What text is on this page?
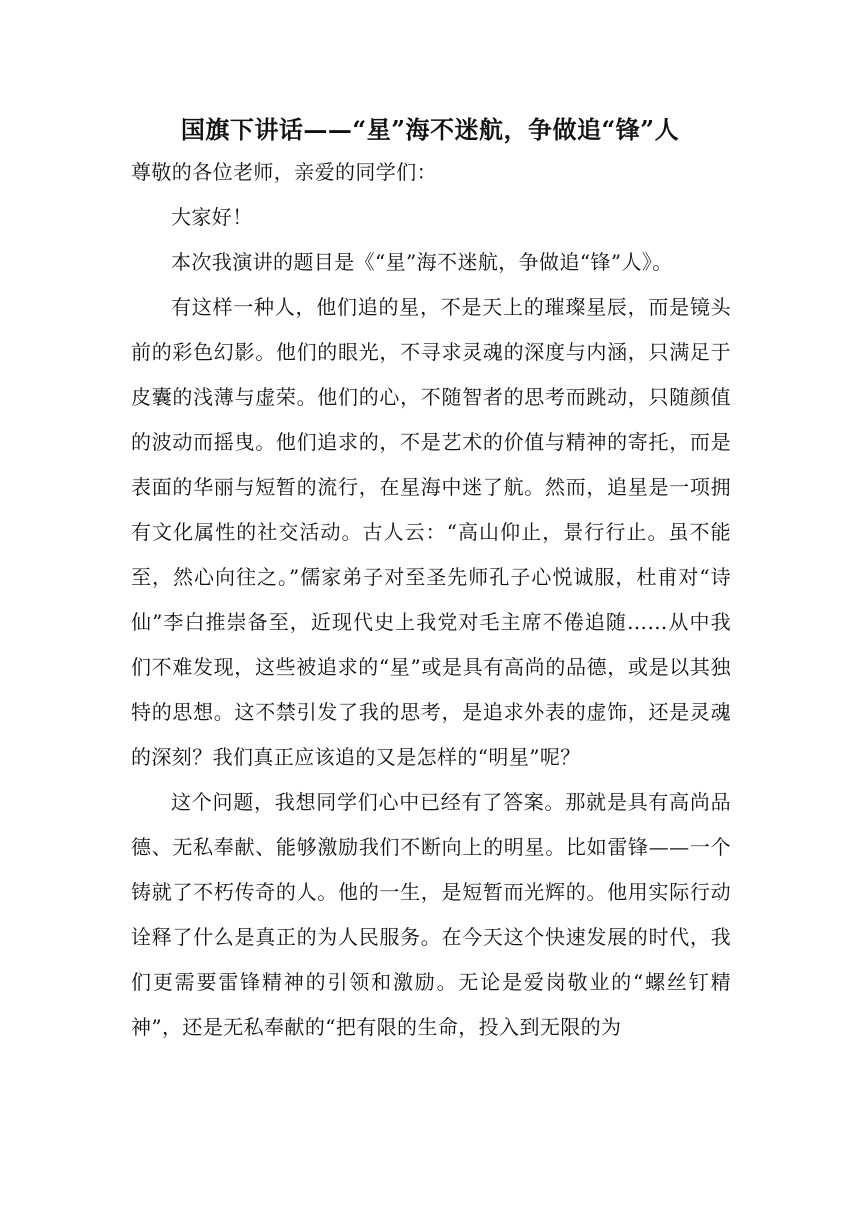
国旗下讲话——“星”海不迷航，争做追“锋”人

尊敬的各位老师，亲爱的同学们：

大家好！

本次我演讲的题目是《“星”海不迷航，争做追“锋”人》。

有这样一种人，他们追的星，不是天上的璀璨星辰，而是镜头前的彩色幻影。他们的眼光，不寻求灵魂的深度与内涵，只满足于皮囊的浅薄与虚荣。他们的心，不随智者的思考而跳动，只随颜值的波动而摇曳。他们追求的，不是艺术的价值与精神的寄托，而是表面的华丽与短暂的流行，在星海中迷了航。然而，追星是一项拥有文化属性的社交活动。古人云：“高山仰止，景行行止。虽不能至，然心向往之。”儒家弟子对至圣先师孔子心悦诚服，杜甫对“诗仙”李白推崇备至，近现代史上我党对毛主席不倦追随……从中我们不难发现，这些被追求的“星”或是具有高尚的品德，或是以其独特的思想。这不禁引发了我的思考，是追求外表的虚饰，还是灵魂的深刻？我们真正应该追的又是怎样的“明星”呢？

这个问题，我想同学们心中已经有了答案。那就是具有高尚品德、无私奉献、能够激励我们不断向上的明星。比如雷锋——一个铸就了不朽传奇的人。他的一生，是短暂而光辉的。他用实际行动诠释了什么是真正的为人民服务。在今天这个快速发展的时代，我们更需要雷锋精神的引领和激励。无论是爱岗敬业的“螺丝钉精神”，还是无私奉献的“把有限的生命，投入到无限的为
